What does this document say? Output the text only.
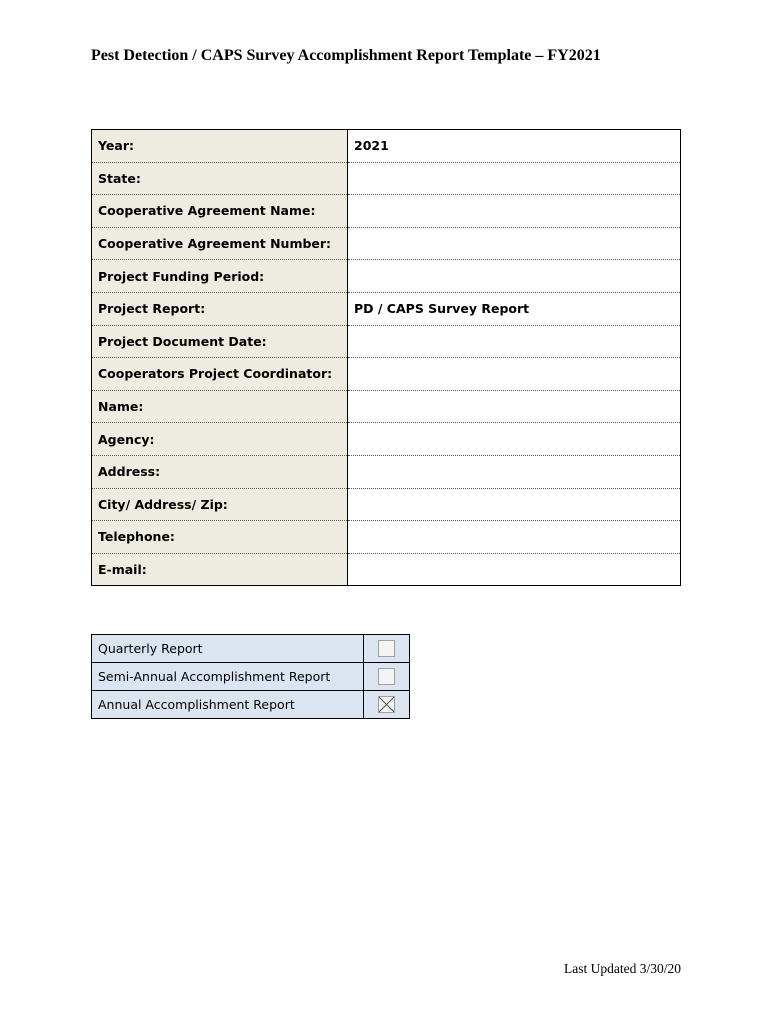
Pest Detection / CAPS Survey Accomplishment Report Template – FY2021
Year:	2021
State:	
Cooperative Agreement Name:	
Cooperative Agreement Number:	
Project Funding Period:	
Project Report:	PD / CAPS Survey Report
Project Document Date:	
Cooperators Project Coordinator:	
Name:	
Agency:	
Address:	
City/ Address/ Zip:	
Telephone:	
E-mail:	
Quarterly Report	
Semi-Annual Accomplishment Report	
Annual Accomplishment Report	
Last Updated 3/30/20
